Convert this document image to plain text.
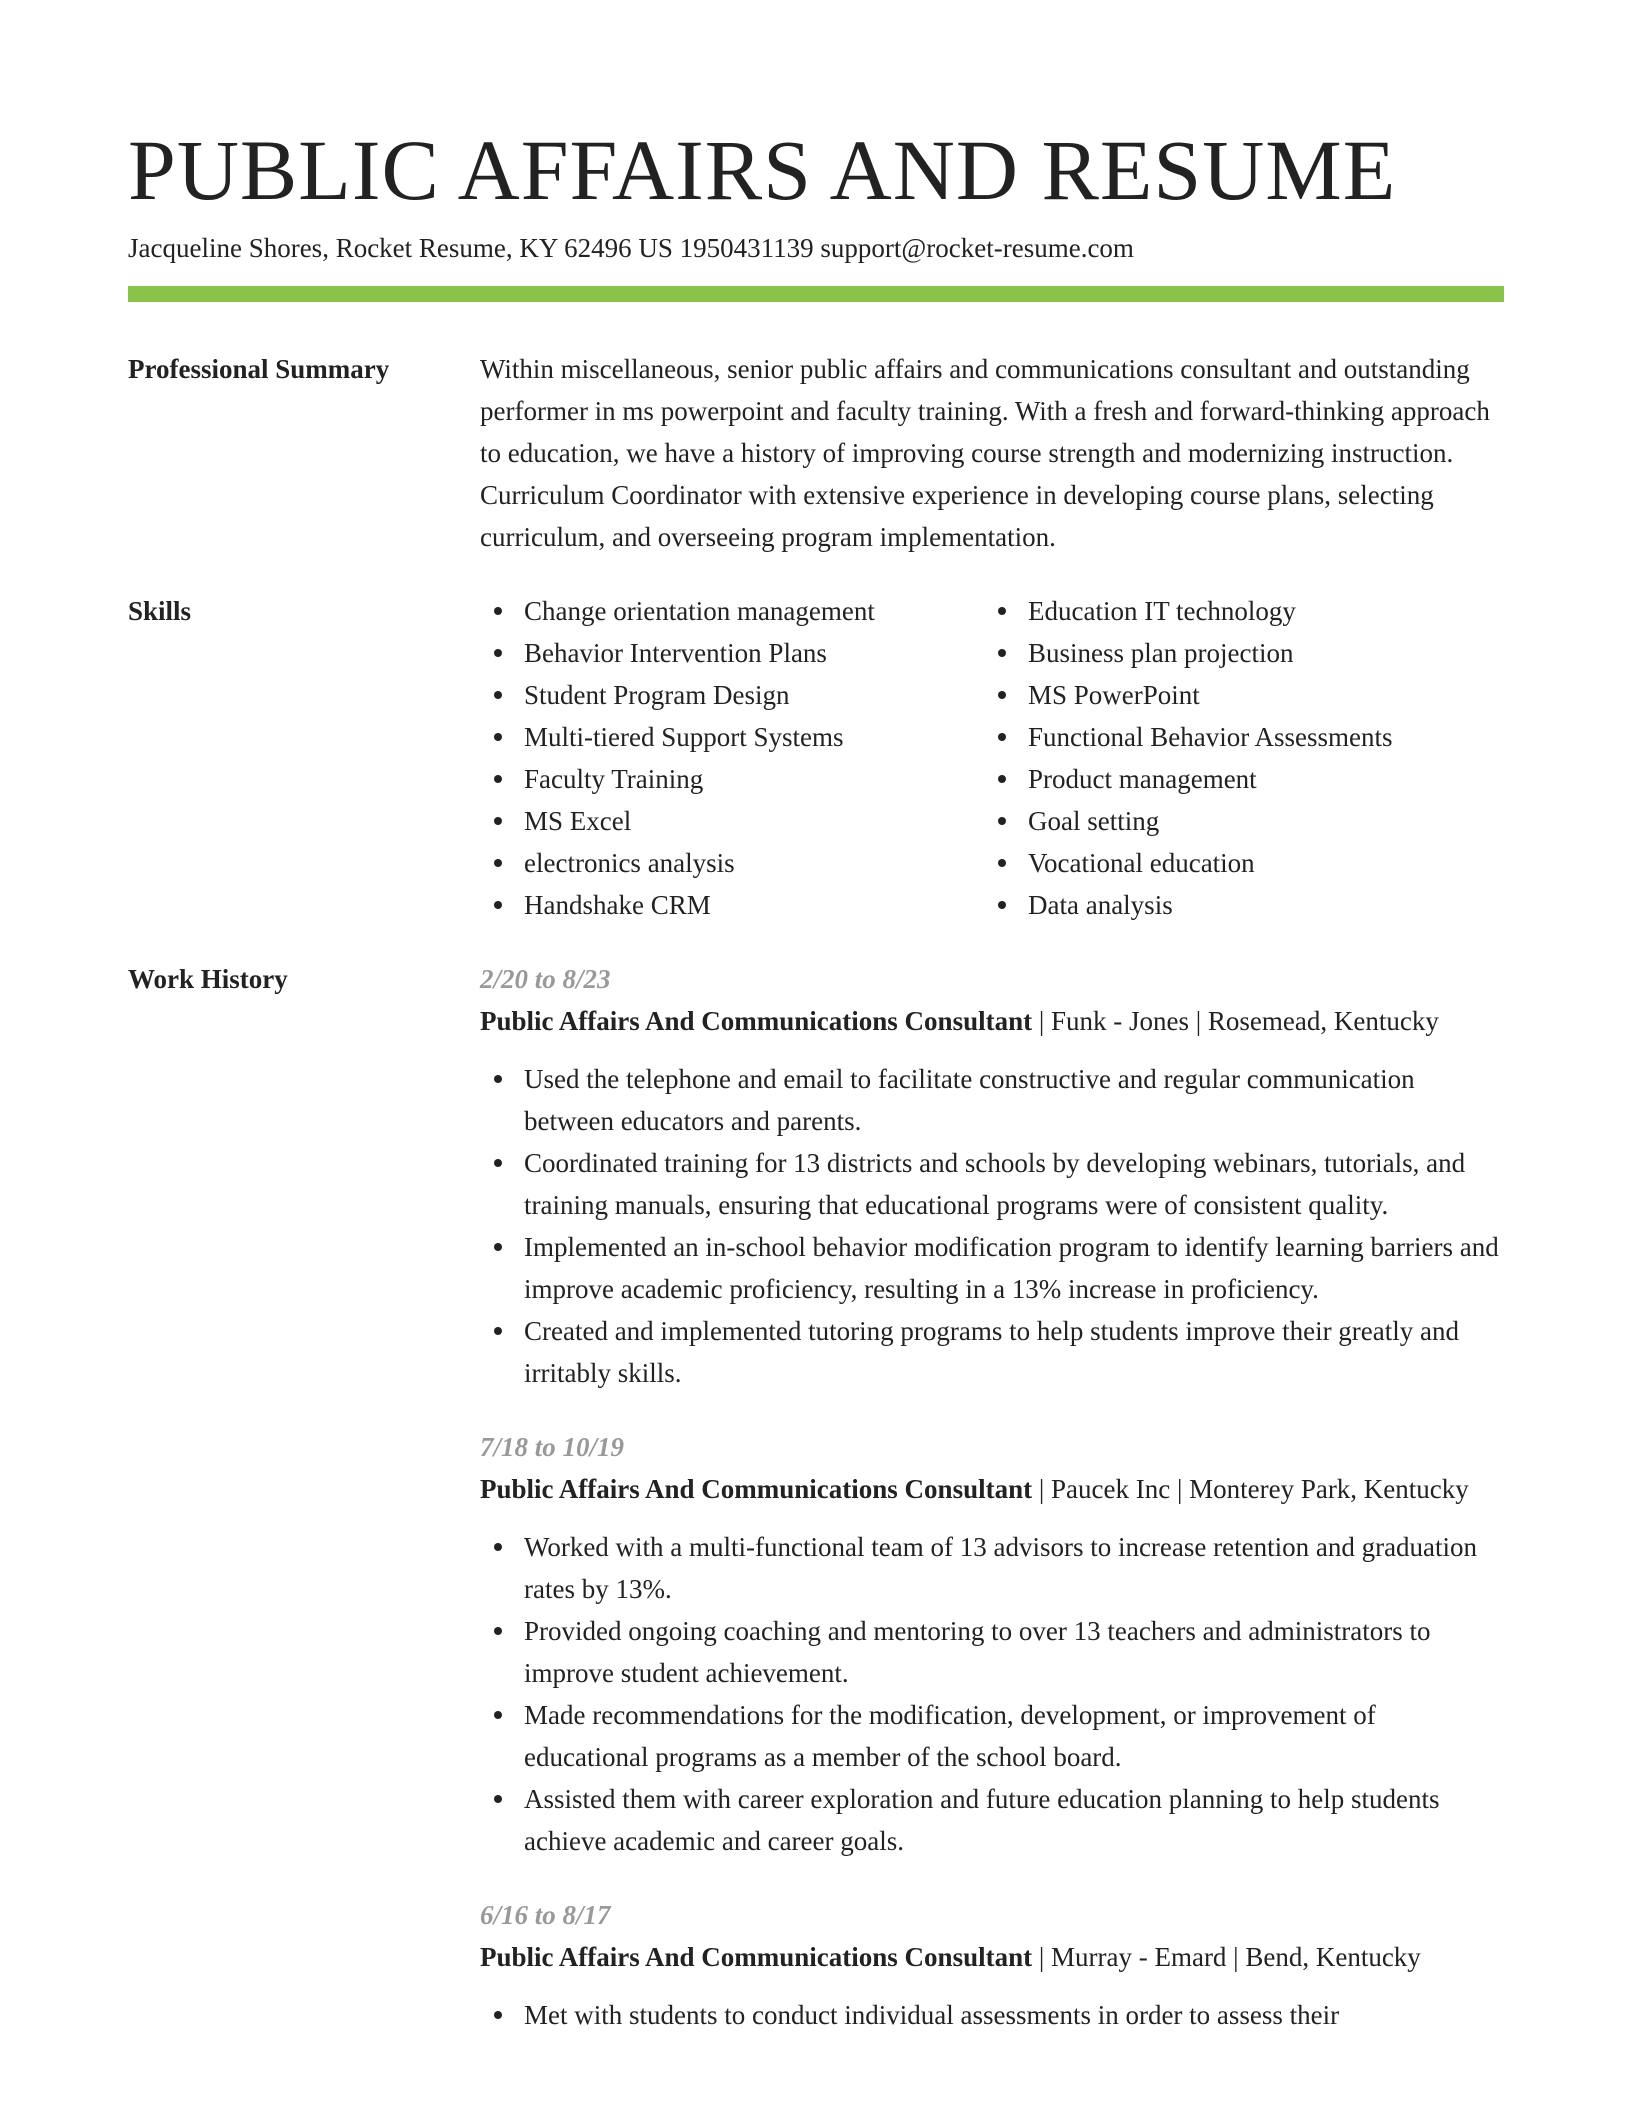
PUBLIC AFFAIRS AND RESUME
Jacqueline Shores, Rocket Resume, KY 62496 US 1950431139 support@rocket-resume.com
Professional Summary	Within miscellaneous, senior public affairs and communications consultant and outstanding performer in ms powerpoint and faculty training. With a fresh and forward-thinking approach to education, we have a history of improving course strength and modernizing instruction. Curriculum Coordinator with extensive experience in developing course plans, selecting curriculum, and overseeing program implementation.

Skills	Change orientation management
Behavior Intervention Plans
Student Program Design
Multi-tiered Support Systems
Faculty Training
MS Excel
electronics analysis
Handshake CRM
Education IT technology
Business plan projection
MS PowerPoint
Functional Behavior Assessments
Product management
Goal setting
Vocational education
Data analysis
Work History	2/20 to 8/23
Public Affairs And Communications Consultant | Funk - Jones | Rosemead, Kentucky
Used the telephone and email to facilitate constructive and regular communication between educators and parents.
Coordinated training for 13 districts and schools by developing webinars, tutorials, and training manuals, ensuring that educational programs were of consistent quality.
Implemented an in-school behavior modification program to identify learning barriers and improve academic proficiency, resulting in a 13% increase in proficiency.
Created and implemented tutoring programs to help students improve their greatly and irritably skills.
7/18 to 10/19
Public Affairs And Communications Consultant | Paucek Inc | Monterey Park, Kentucky
Worked with a multi-functional team of 13 advisors to increase retention and graduation rates by 13%.
Provided ongoing coaching and mentoring to over 13 teachers and administrators to improve student achievement.
Made recommendations for the modification, development, or improvement of educational programs as a member of the school board.
Assisted them with career exploration and future education planning to help students achieve academic and career goals.
6/16 to 8/17
Public Affairs And Communications Consultant | Murray - Emard | Bend, Kentucky
Met with students to conduct individual assessments in order to assess their
